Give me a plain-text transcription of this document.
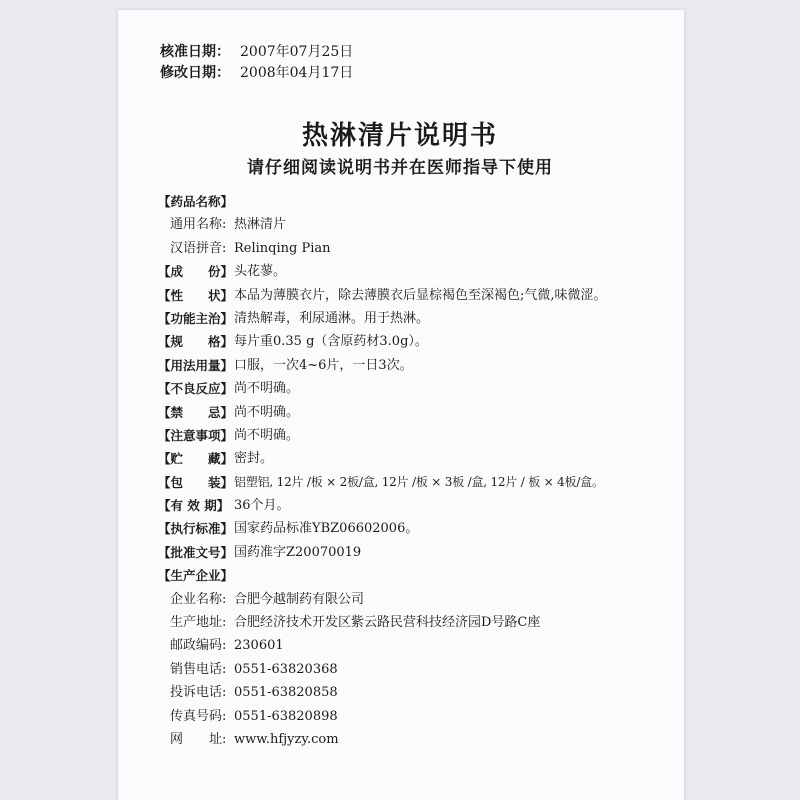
核准日期： 2007年07月25日
修改日期： 2008年04月17日
热淋清片说明书
请仔细阅读说明书并在医师指导下使用
【药品名称】
通用名称: 热淋清片
汉语拼音: Relinqing Pian
【成　　份】 头花蓼。
【性　　状】 本品为薄膜衣片，除去薄膜衣后显棕褐色至深褐色;气微,味微涩。
【功能主治】 清热解毒，利尿通淋。用于热淋。
【规　　格】 每片重0.35 g（含原药材3.0g）。
【用法用量】 口服，一次4~6片，一日3次。
【不良反应】 尚不明确。
【禁　　忌】 尚不明确。
【注意事项】 尚不明确。
【贮　　藏】 密封。
【包　　装】 铝塑铝, 12片 /板 × 2板/盒, 12片 /板 × 3板 /盒, 12片 / 板 × 4板/盒。
【有 效 期】 36个月。
【执行标准】 国家药品标准YBZ06602006。
【批准文号】 国药准字Z20070019
【生产企业】
企业名称: 合肥今越制药有限公司
生产地址: 合肥经济技术开发区紫云路民营科技经济园D号路C座
邮政编码: 230601
销售电话: 0551-63820368
投诉电话: 0551-63820858
传真号码: 0551-63820898
网　　址: www.hfjyzy.com
